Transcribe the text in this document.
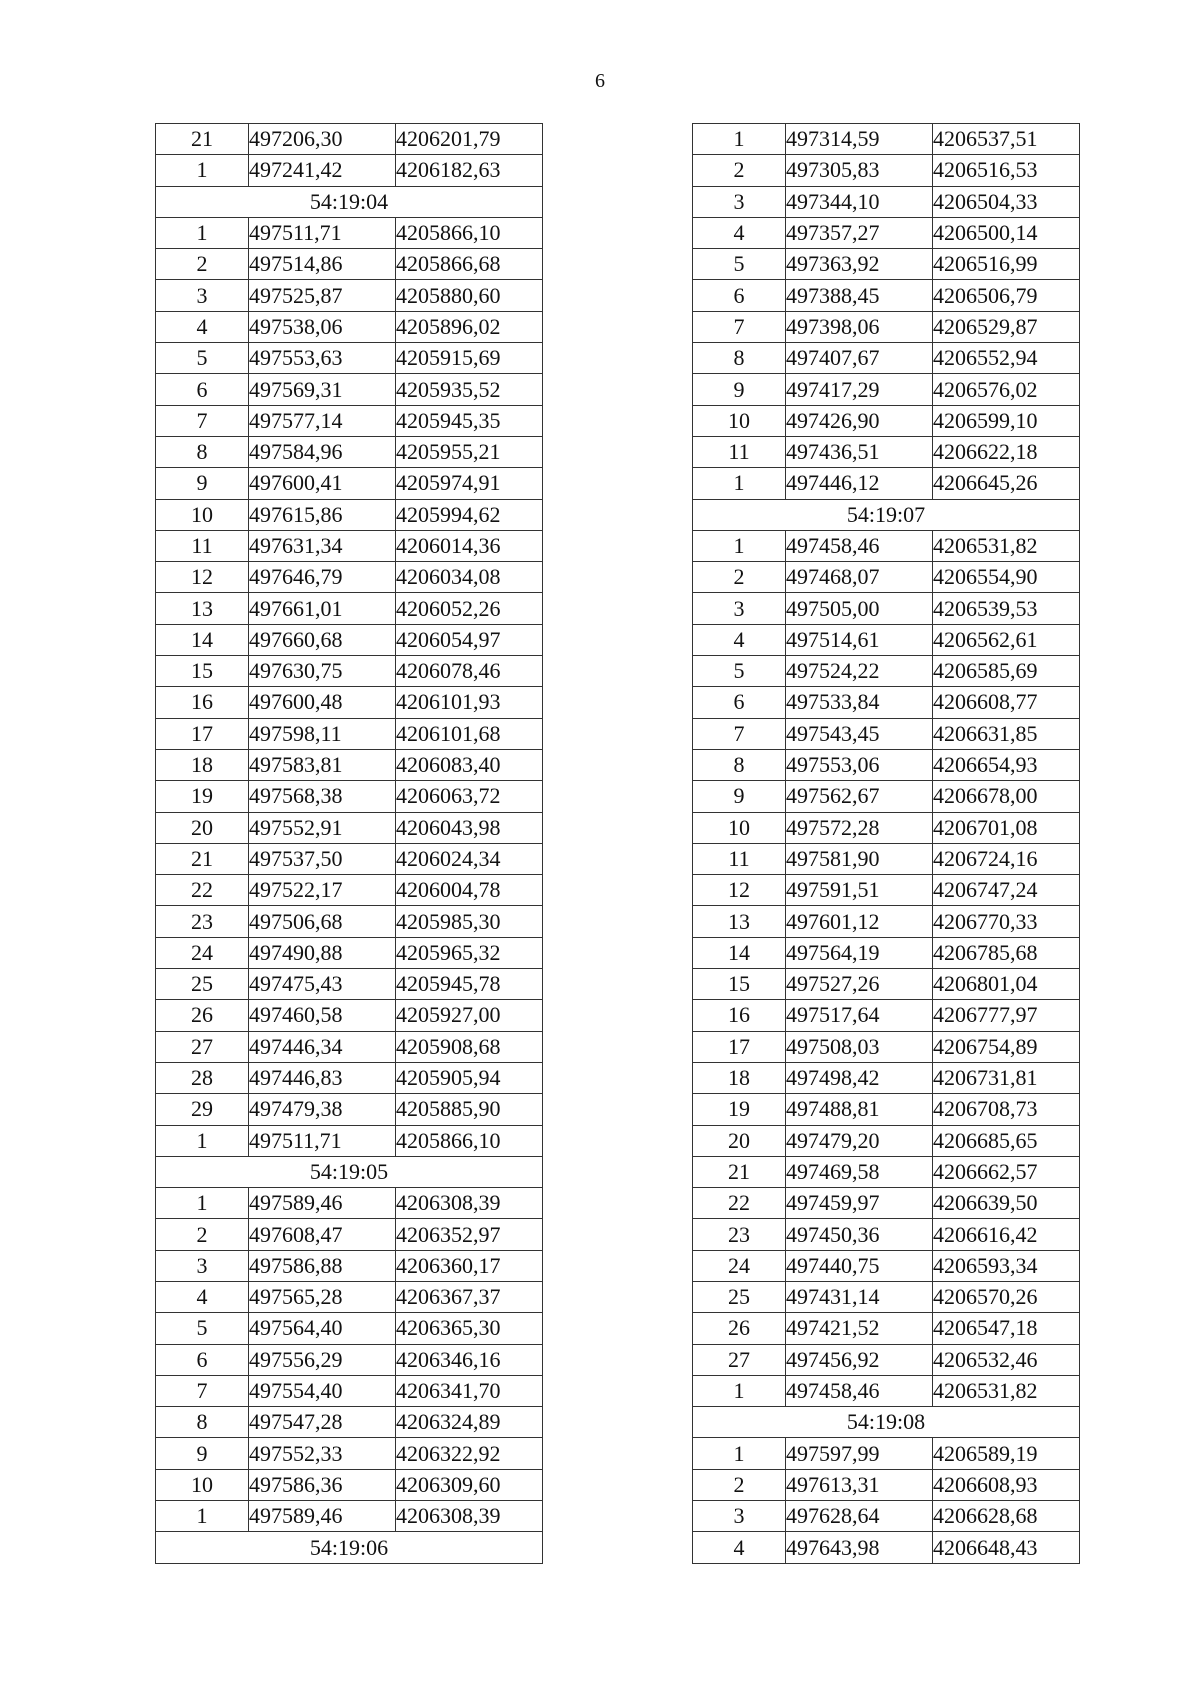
6
21	497206,30	4206201,79
1	497241,42	4206182,63
54:19:04		
1	497511,71	4205866,10
2	497514,86	4205866,68
3	497525,87	4205880,60
4	497538,06	4205896,02
5	497553,63	4205915,69
6	497569,31	4205935,52
7	497577,14	4205945,35
8	497584,96	4205955,21
9	497600,41	4205974,91
10	497615,86	4205994,62
11	497631,34	4206014,36
12	497646,79	4206034,08
13	497661,01	4206052,26
14	497660,68	4206054,97
15	497630,75	4206078,46
16	497600,48	4206101,93
17	497598,11	4206101,68
18	497583,81	4206083,40
19	497568,38	4206063,72
20	497552,91	4206043,98
21	497537,50	4206024,34
22	497522,17	4206004,78
23	497506,68	4205985,30
24	497490,88	4205965,32
25	497475,43	4205945,78
26	497460,58	4205927,00
27	497446,34	4205908,68
28	497446,83	4205905,94
29	497479,38	4205885,90
1	497511,71	4205866,10
54:19:05		
1	497589,46	4206308,39
2	497608,47	4206352,97
3	497586,88	4206360,17
4	497565,28	4206367,37
5	497564,40	4206365,30
6	497556,29	4206346,16
7	497554,40	4206341,70
8	497547,28	4206324,89
9	497552,33	4206322,92
10	497586,36	4206309,60
1	497589,46	4206308,39
54:19:06		
1	497314,59	4206537,51
2	497305,83	4206516,53
3	497344,10	4206504,33
4	497357,27	4206500,14
5	497363,92	4206516,99
6	497388,45	4206506,79
7	497398,06	4206529,87
8	497407,67	4206552,94
9	497417,29	4206576,02
10	497426,90	4206599,10
11	497436,51	4206622,18
1	497446,12	4206645,26
54:19:07		
1	497458,46	4206531,82
2	497468,07	4206554,90
3	497505,00	4206539,53
4	497514,61	4206562,61
5	497524,22	4206585,69
6	497533,84	4206608,77
7	497543,45	4206631,85
8	497553,06	4206654,93
9	497562,67	4206678,00
10	497572,28	4206701,08
11	497581,90	4206724,16
12	497591,51	4206747,24
13	497601,12	4206770,33
14	497564,19	4206785,68
15	497527,26	4206801,04
16	497517,64	4206777,97
17	497508,03	4206754,89
18	497498,42	4206731,81
19	497488,81	4206708,73
20	497479,20	4206685,65
21	497469,58	4206662,57
22	497459,97	4206639,50
23	497450,36	4206616,42
24	497440,75	4206593,34
25	497431,14	4206570,26
26	497421,52	4206547,18
27	497456,92	4206532,46
1	497458,46	4206531,82
54:19:08		
1	497597,99	4206589,19
2	497613,31	4206608,93
3	497628,64	4206628,68
4	497643,98	4206648,43
